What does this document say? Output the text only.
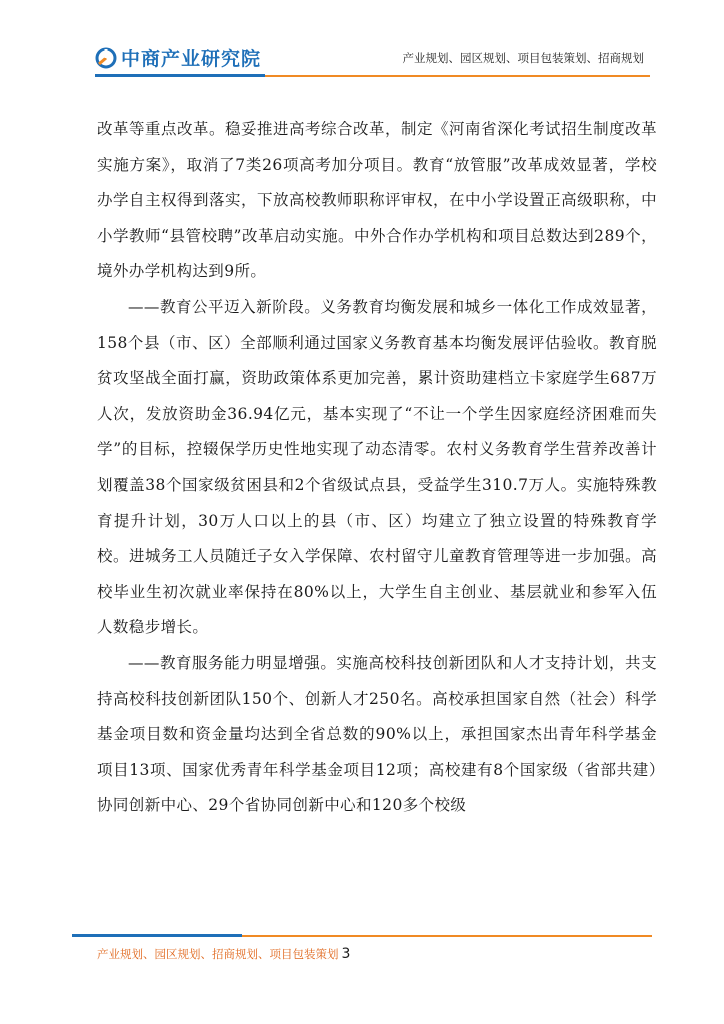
中商产业研究院	产业规划、园区规划、项目包装策划、招商规划

改革等重点改革。稳妥推进高考综合改革，制定《河南省深化考试招生制度改革实施方案》，取消了7类26项高考加分项目。教育“放管服”改革成效显著，学校办学自主权得到落实，下放高校教师职称评审权，在中小学设置正高级职称，中小学教师“县管校聘”改革启动实施。中外合作办学机构和项目总数达到289个，境外办学机构达到9所。

——教育公平迈入新阶段。义务教育均衡发展和城乡一体化工作成效显著，158个县（市、区）全部顺利通过国家义务教育基本均衡发展评估验收。教育脱贫攻坚战全面打赢，资助政策体系更加完善，累计资助建档立卡家庭学生687万人次，发放资助金36.94亿元，基本实现了“不让一个学生因家庭经济困难而失学”的目标，控辍保学历史性地实现了动态清零。农村义务教育学生营养改善计划覆盖38个国家级贫困县和2个省级试点县，受益学生310.7万人。实施特殊教育提升计划，30万人口以上的县（市、区）均建立了独立设置的特殊教育学校。进城务工人员随迁子女入学保障、农村留守儿童教育管理等进一步加强。高校毕业生初次就业率保持在80%以上，大学生自主创业、基层就业和参军入伍人数稳步增长。

——教育服务能力明显增强。实施高校科技创新团队和人才支持计划，共支持高校科技创新团队150个、创新人才250名。高校承担国家自然（社会）科学基金项目数和资金量均达到全省总数的90%以上，承担国家杰出青年科学基金项目13项、国家优秀青年科学基金项目12项；高校建有8个国家级（省部共建）协同创新中心、29个省协同创新中心和120多个校级

产业规划、园区规划、招商规划、项目包装策划 3
